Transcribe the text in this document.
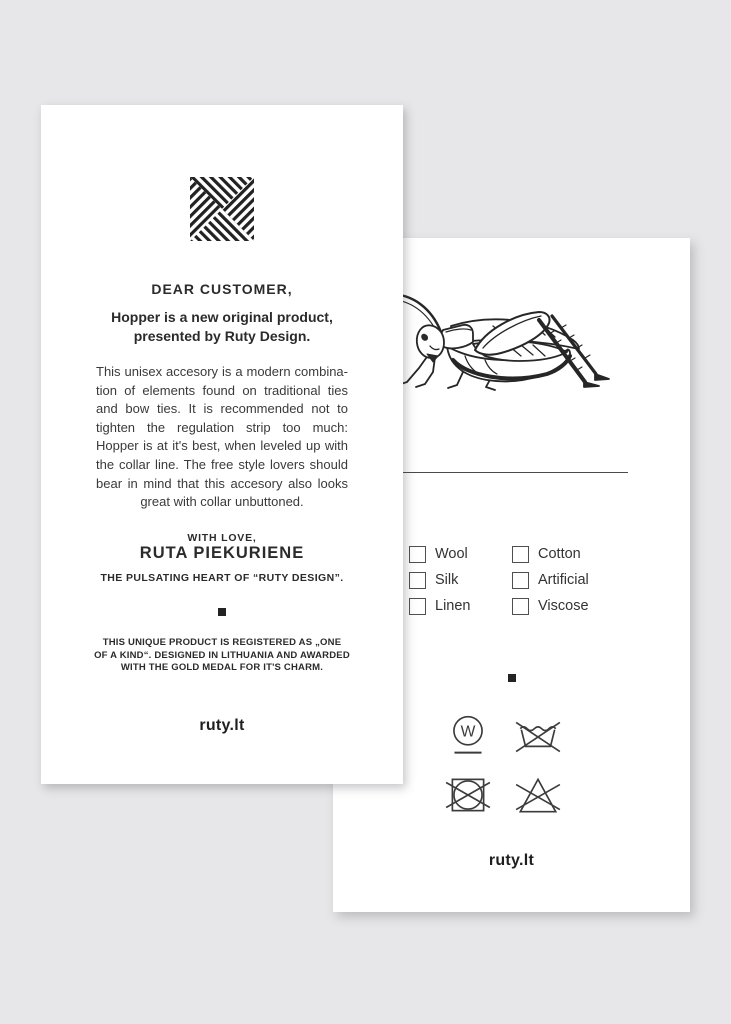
Wool
Silk
Linen
Cotton
Artificial
Viscose
W
ruty.lt
DEAR CUSTOMER,
Hopper is a new original product,
presented by Ruty Design.
This unisex accesory is a modern combina-
tion of elements found on traditional ties
and bow ties. It is recommended not to
tighten the regulation strip too much:
Hopper is at it's best, when leveled up with
the collar line. The free style lovers should
bear in mind that this accesory also looks
great with collar unbuttoned.
WITH LOVE,
RUTA PIEKURIENE
THE PULSATING HEART OF “RUTY DESIGN”.
THIS UNIQUE PRODUCT IS REGISTERED AS „ONE
OF A KIND“. DESIGNED IN LITHUANIA AND AWARDED
WITH THE GOLD MEDAL FOR IT'S CHARM.
ruty.lt
